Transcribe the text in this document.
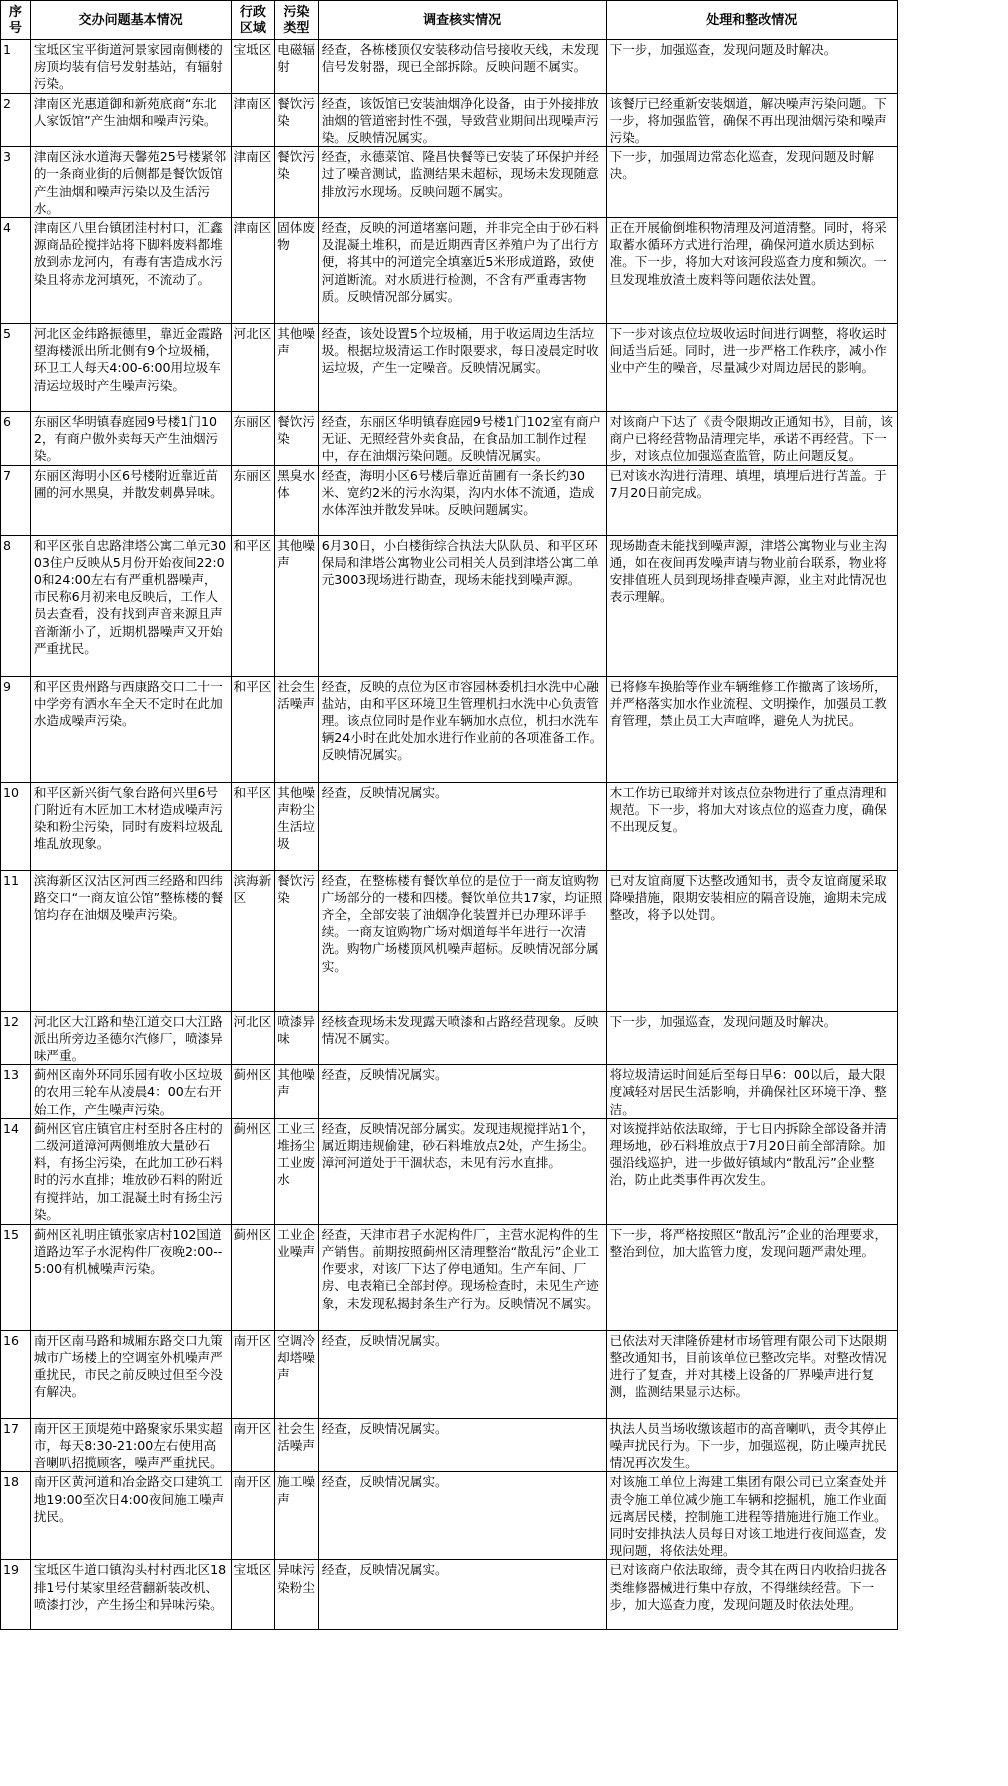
序号	交办问题基本情况	行政区域	污染类型	调查核实情况	处理和整改情况
1	宝坻区宝平街道河景家园南侧楼的房顶均装有信号发射基站，有辐射污染。	宝坻区	电磁辐射	经查，各栋楼顶仅安装移动信号接收天线，未发现信号发射器，现已全部拆除。反映问题不属实。	下一步，加强巡查，发现问题及时解决。
2	津南区光惠道御和新苑底商“东北人家饭馆”产生油烟和噪声污染。	津南区	餐饮污染	经查，该饭馆已安装油烟净化设备，由于外接排放油烟的管道密封性不强，导致营业期间出现噪声污染。反映情况属实。	该餐厅已经重新安装烟道，解决噪声污染问题。下一步，将加强监管，确保不再出现油烟污染和噪声污染。
3	津南区泳水道海天馨苑25号楼紧邻的一条商业街的后侧都是餐饮饭馆产生油烟和噪声污染以及生活污水。	津南区	餐饮污染	经查，永德菜馆、隆昌快餐等已安装了环保护并经过了噪音测试，监测结果未超标，现场未发现随意排放污水现场。反映问题不属实。	下一步，加强周边常态化巡查，发现问题及时解决。
4	津南区八里台镇团洼村村口，汇鑫源商品砼搅拌站将下脚料废料都堆放到赤龙河内，有毒有害造成水污染且将赤龙河填死，不流动了。	津南区	固体废物	经查，反映的河道堵塞问题，并非完全由于砂石料及混凝土堆积，而是近期西青区养殖户为了出行方便，将其中的河道完全填塞近5米形成道路，致使河道断流。对水质进行检测，不含有严重毒害物质。反映情况部分属实。	正在开展偷倒堆积物清理及河道清整。同时，将采取蓄水循环方式进行治理，确保河道水质达到标准。下一步，将加大对该河段巡查力度和频次。一旦发现堆放渣土废料等问题依法处置。
5	河北区金纬路振德里，靠近金霞路望海楼派出所北侧有9个垃圾桶，环卫工人每天4:00-6:00用垃圾车清运垃圾时产生噪声污染。	河北区	其他噪声	经查，该处设置5个垃圾桶，用于收运周边生活垃圾。根据垃圾清运工作时限要求，每日凌晨定时收运垃圾，产生一定噪音。反映情况属实。	下一步对该点位垃圾收运时间进行调整，将收运时间适当后延。同时，进一步严格工作秩序，减小作业中产生的噪音，尽量减少对周边居民的影响。
6	东丽区华明镇春庭园9号楼1门102，有商户傲外卖每天产生油烟污染。	东丽区	餐饮污染	经查，东丽区华明镇春庭园9号楼1门102室有商户无证、无照经营外卖食品，在食品加工制作过程中，存在油烟污染问题。反映情况属实。	对该商户下达了《责令限期改正通知书》，目前，该商户已将经营物品清理完毕，承诺不再经营。下一步，对该点位加强巡查监管，防止问题反复。
7	东丽区海明小区6号楼附近靠近苗圃的河水黑臭，并散发刺鼻异味。	东丽区	黑臭水体	经查，海明小区6号楼后靠近苗圃有一条长约30米、宽约2米的污水沟渠，沟内水体不流通，造成水体浑浊并散发异味。反映问题属实。	已对该水沟进行清理、填埋，填埋后进行苫盖。于7月20日前完成。
8	和平区张自忠路津塔公寓二单元3003住户反映从5月份开始夜间22:00和24:00左右有严重机器噪声，市民称6月初来电反映后，工作人员去查看，没有找到声音来源且声音渐渐小了，近期机器噪声又开始严重扰民。	和平区	其他噪声	6月30日，小白楼街综合执法大队队员、和平区环保局和津塔公寓物业公司相关人员到津塔公寓二单元3003现场进行勘查，现场未能找到噪声源。	现场勘查未能找到噪声源，津塔公寓物业与业主沟通，如在夜间再发噪声请与物业前台联系，物业将安排值班人员到现场排查噪声源，业主对此情况也表示理解。
9	和平区贵州路与西康路交口二十一中学旁有洒水车全天不定时在此加水造成噪声污染。	和平区	社会生活噪声	经查，反映的点位为区市容园林委机扫水洗中心融盐站，由和平区环境卫生管理机扫水洗中心负责管理。该点位同时是作业车辆加水点位，机扫水洗车辆24小时在此处加水进行作业前的各项准备工作。反映情况属实。	已将修车换胎等作业车辆维修工作撤离了该场所，并严格落实加水作业流程、文明操作，加强员工教育管理，禁止员工大声喧哗，避免人为扰民。
10	和平区新兴街气象台路何兴里6号门附近有木匠加工木材造成噪声污染和粉尘污染，同时有废料垃圾乱堆乱放现象。	和平区	其他噪声粉尘生活垃圾	经查，反映情况属实。	木工作坊已取缔并对该点位杂物进行了重点清理和规范。下一步，将加大对该点位的巡查力度，确保不出现反复。
11	滨海新区汉沽区河西三经路和四纬路交口“一商友谊公馆”整栋楼的餐馆均存在油烟及噪声污染。	滨海新区	餐饮污染	经查，在整栋楼有餐饮单位的是位于一商友谊购物广场部分的一楼和四楼。餐饮单位共17家，均证照齐全，全部安装了油烟净化装置并已办理环评手续。一商友谊购物广场对烟道每半年进行一次清洗。购物广场楼顶风机噪声超标。反映情况部分属实。	已对友谊商厦下达整改通知书，责令友谊商厦采取降噪措施，限期安装相应的隔音设施，逾期未完成整改，将予以处罚。
12	河北区大江路和垫江道交口大江路派出所旁边圣德尔汽修厂，喷漆异味严重。	河北区	喷漆异味	经核查现场未发现露天喷漆和占路经营现象。反映情况不属实。	下一步，加强巡查，发现问题及时解决。
13	蓟州区南外环同乐园有收小区垃圾的农用三轮车从凌晨4：00左右开始工作，产生噪声污染。	蓟州区	其他噪声	经查，反映情况属实。	将垃圾清运时间延后至每日早6：00以后，最大限度减轻对居民生活影响，并确保社区环境干净、整洁。
14	蓟州区官庄镇官庄村至肘各庄村的二级河道漳河两侧堆放大量砂石料，有扬尘污染，在此加工砂石料时的污水直排；堆放砂石料的附近有搅拌站，加工混凝土时有扬尘污染。	蓟州区	工业三堆扬尘工业废水	经查，反映情况部分属实。发现违规搅拌站1个，属近期违规偷建，砂石料堆放点2处，产生扬尘。漳河河道处于干涸状态，未见有污水直排。	对该搅拌站依法取缔，于七日内拆除全部设备并清理场地，砂石料堆放点于7月20日前全部清除。加强沿线巡护，进一步做好镇域内“散乱污”企业整治，防止此类事件再次发生。
15	蓟州区礼明庄镇张家店村102国道道路边军子水泥构件厂夜晚2:00--5:00有机械噪声污染。	蓟州区	工业企业噪声	经查，天津市君子水泥构件厂，主营水泥构件的生产销售。前期按照蓟州区清理整治“散乱污”企业工作要求，对该厂下达了停电通知。生产车间、厂房、电表箱已全部封停。现场检查时，未见生产迹象，未发现私揭封条生产行为。反映情况不属实。	下一步，将严格按照区“散乱污”企业的治理要求，整治到位，加大监管力度，发现问题严肃处理。
16	南开区南马路和城厢东路交口九策城市广场楼上的空调室外机噪声严重扰民，市民之前反映过但至今没有解决。	南开区	空调冷却塔噪声	经查，反映情况属实。	已依法对天津隆侨建材市场管理有限公司下达限期整改通知书，目前该单位已整改完毕。对整改情况进行了复查，并对其楼上设备的厂界噪声进行复测，监测结果显示达标。
17	南开区王顶堤苑中路聚家乐果实超市，每天8:30-21:00左右使用高音喇叭招揽顾客，噪声严重扰民。	南开区	社会生活噪声	经查，反映情况属实。	执法人员当场收缴该超市的高音喇叭，责令其停止噪声扰民行为。下一步，加强巡视，防止噪声扰民情况再次发生。
18	南开区黄河道和冶金路交口建筑工地19:00至次日4:00夜间施工噪声扰民。	南开区	施工噪声	经查，反映情况属实。	对该施工单位上海建工集团有限公司已立案查处并责令施工单位减少施工车辆和挖掘机，施工作业面远离居民楼，控制施工进程等措施进行施工作业。同时安排执法人员每日对该工地进行夜间巡查，发现问题，将依法处理。
19	宝坻区牛道口镇沟头村村西北区18排1号付某家里经营翻新装改机、喷漆打沙，产生扬尘和异味污染。	宝坻区	异味污染粉尘	经查，反映情况属实。	已对该商户依法取缔，责令其在两日内收拾归拢各类维修器械进行集中存放，不得继续经营。下一步，加大巡查力度，发现问题及时依法处理。
